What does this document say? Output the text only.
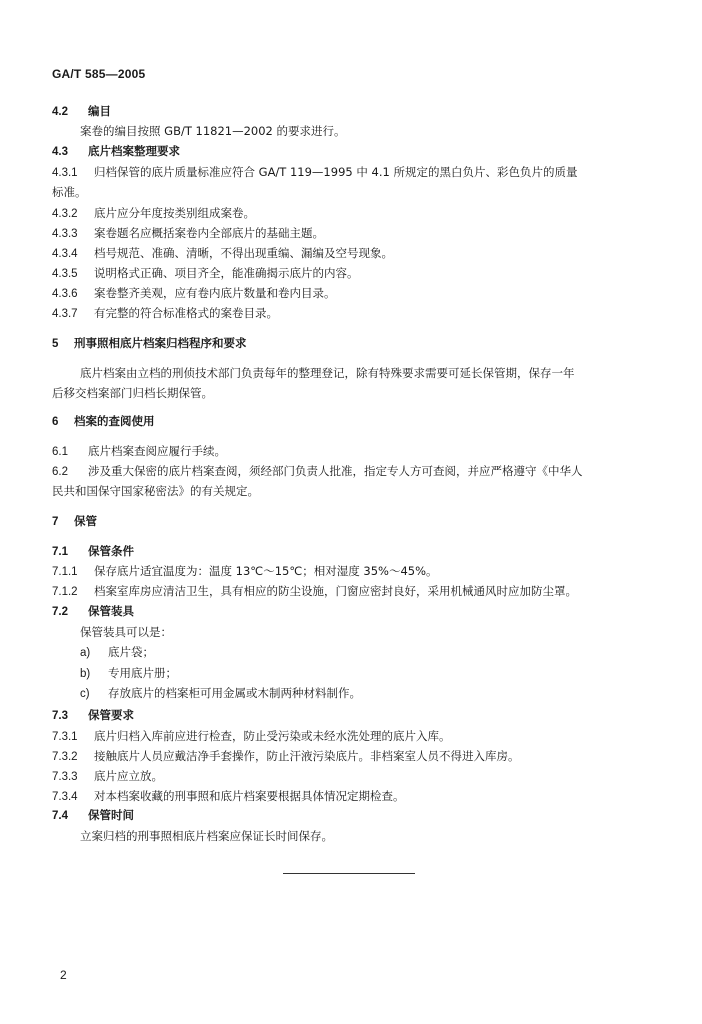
GA/T 585—2005
4.2 编目
案卷的编目按照 GB/T 11821—2002 的要求进行。
4.3 底片档案整理要求
4.3.1 归档保管的底片质量标准应符合 GA/T 119—1995 中 4.1 所规定的黑白负片、彩色负片的质量
标准。
4.3.2 底片应分年度按类别组成案卷。
4.3.3 案卷题名应概括案卷内全部底片的基础主题。
4.3.4 档号规范、准确、清晰，不得出现重编、漏编及空号现象。
4.3.5 说明格式正确、项目齐全，能准确揭示底片的内容。
4.3.6 案卷整齐美观，应有卷内底片数量和卷内目录。
4.3.7 有完整的符合标准格式的案卷目录。
5 刑事照相底片档案归档程序和要求
底片档案由立档的刑侦技术部门负责每年的整理登记，除有特殊要求需要可延长保管期，保存一年
后移交档案部门归档长期保管。
6 档案的查阅使用
6.1 底片档案查阅应履行手续。
6.2 涉及重大保密的底片档案查阅，须经部门负责人批准，指定专人方可查阅，并应严格遵守《中华人
民共和国保守国家秘密法》的有关规定。
7 保管
7.1 保管条件
7.1.1 保存底片适宜温度为：温度 13℃～15℃；相对湿度 35%～45%。
7.1.2 档案室库房应清洁卫生，具有相应的防尘设施，门窗应密封良好，采用机械通风时应加防尘罩。
7.2 保管装具
保管装具可以是：
a) 底片袋；
b) 专用底片册；
c) 存放底片的档案柜可用金属或木制两种材料制作。
7.3 保管要求
7.3.1 底片归档入库前应进行检查，防止受污染或未经水洗处理的底片入库。
7.3.2 接触底片人员应戴洁净手套操作，防止汗液污染底片。非档案室人员不得进入库房。
7.3.3 底片应立放。
7.3.4 对本档案收藏的刑事照和底片档案要根据具体情况定期检查。
7.4 保管时间
立案归档的刑事照相底片档案应保证长时间保存。
2
